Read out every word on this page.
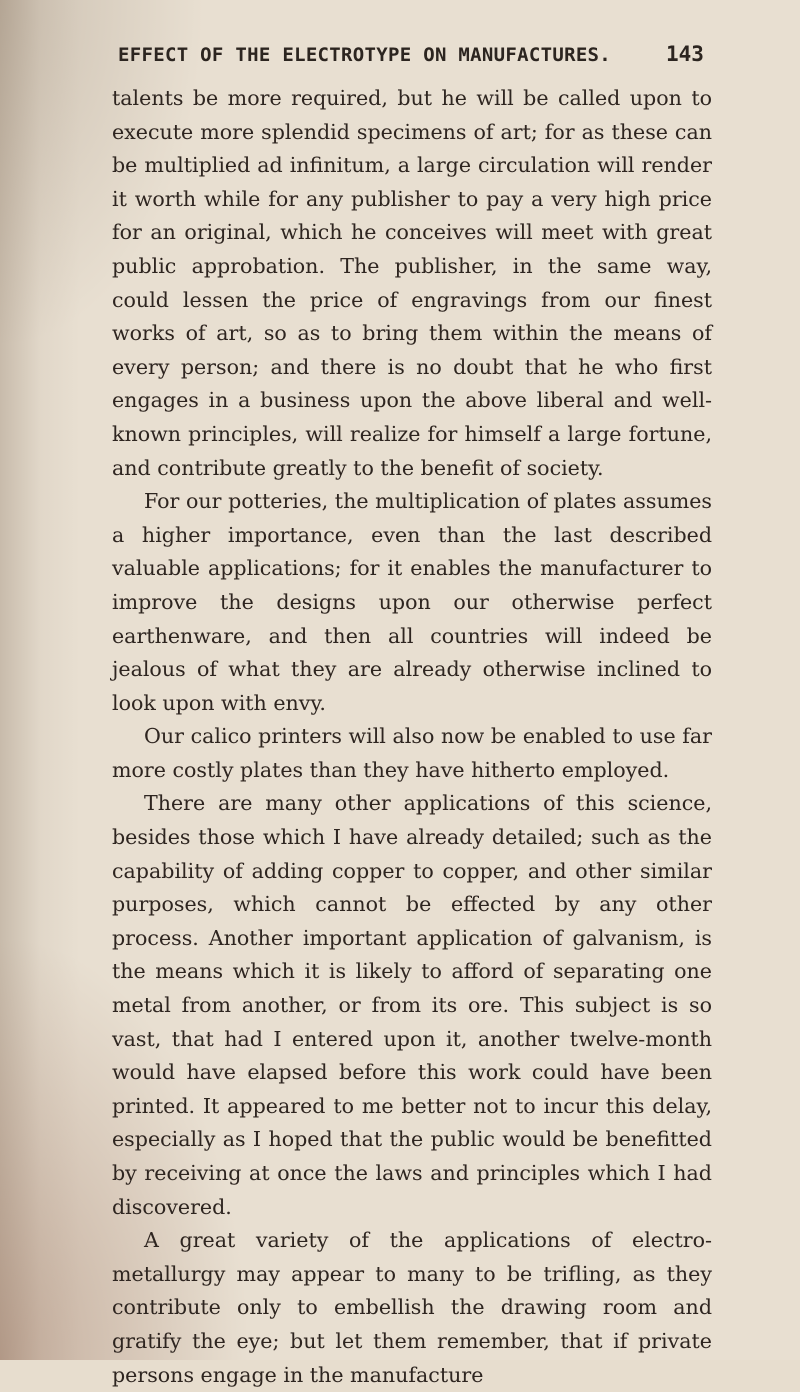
EFFECT OF THE ELECTROTYPE ON MANUFACTURES.	143

talents be more required, but he will be called upon to execute more splendid specimens of art; for as these can be multiplied ad infinitum, a large circulation will render it worth while for any publisher to pay a very high price for an original, which he conceives will meet with great public approbation. The publisher, in the same way, could lessen the price of engravings from our finest works of art, so as to bring them within the means of every person; and there is no doubt that he who first engages in a business upon the above liberal and well-known principles, will realize for himself a large fortune, and contribute greatly to the benefit of society.

For our potteries, the multiplication of plates assumes a higher importance, even than the last described valuable applications; for it enables the manufacturer to improve the designs upon our otherwise perfect earthenware, and then all countries will indeed be jealous of what they are already otherwise inclined to look upon with envy.

Our calico printers will also now be enabled to use far more costly plates than they have hitherto employed.

There are many other applications of this science, besides those which I have already detailed; such as the capability of adding copper to copper, and other similar purposes, which cannot be effected by any other process. Another important application of galvanism, is the means which it is likely to afford of separating one metal from another, or from its ore. This subject is so vast, that had I entered upon it, another twelve-month would have elapsed before this work could have been printed. It appeared to me better not to incur this delay, especially as I hoped that the public would be benefitted by receiving at once the laws and principles which I had discovered.

A great variety of the applications of electro-metallurgy may appear to many to be trifling, as they contribute only to embellish the drawing room and gratify the eye; but let them remember, that if private persons engage in the manufacture
